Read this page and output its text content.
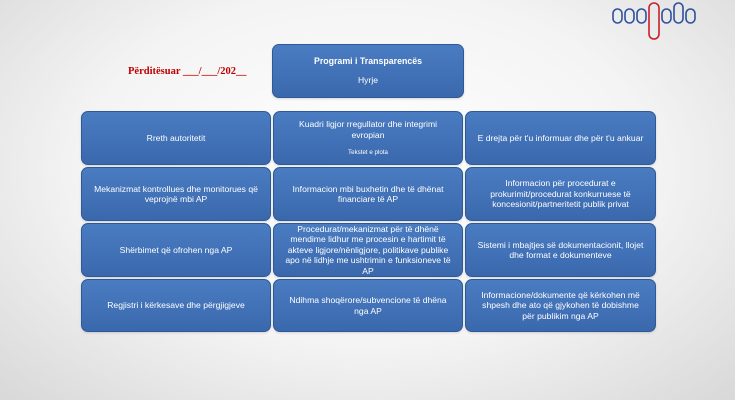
Përditësuar ___/___/202__
Programi i Transparencës
Hyrje
Rreth autoritetit
Kuadri ligjor rregullator dhe integrimi evropian
Tekstet e plota
E drejta për t'u informuar dhe për t'u ankuar
Mekanizmat kontrollues dhe monitorues që veprojnë mbi AP
Informacion mbi buxhetin dhe të dhënat financiare të AP
Informacion për procedurat e prokurimit/procedurat konkurruese të koncesionit/partneritetit publik privat
Shërbimet që ofrohen nga AP
Procedurat/mekanizmat për të dhënë mendime lidhur me procesin e hartimit të akteve ligjore/nënligjore, politikave publike apo në lidhje me ushtrimin e funksioneve të AP
Sistemi i mbajtjes së dokumentacionit, llojet dhe format e dokumenteve
Regjistri i kërkesave dhe përgjigjeve
Ndihma shoqërore/subvencione të dhëna nga AP
Informacione/dokumente që kërkohen më shpesh dhe ato që gjykohen të dobishme për publikim nga AP
